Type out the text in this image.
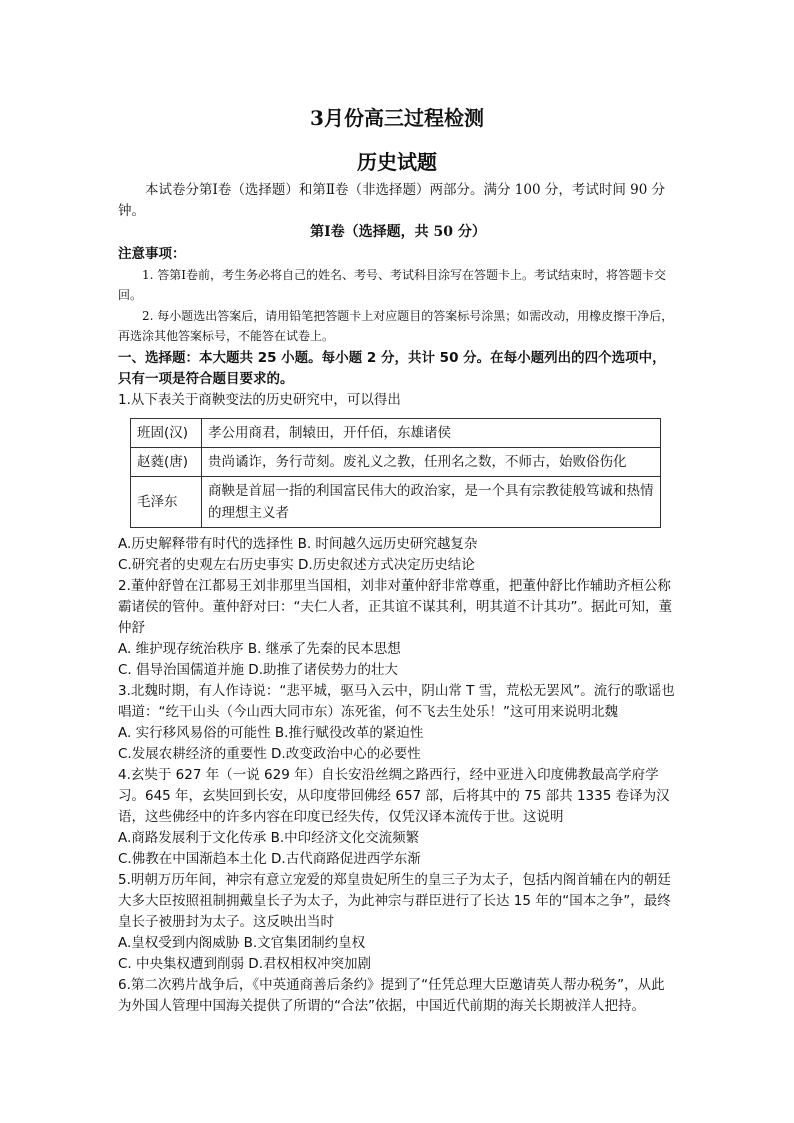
3月份高三过程检测
历史试题

本试卷分第Ⅰ卷（选择题）和第Ⅱ卷（非选择题）两部分。满分 100 分，考试时间 90 分钟。

第Ⅰ卷（选择题，共 50 分）

注意事项：

1. 答第Ⅰ卷前，考生务必将自己的姓名、考号、考试科目涂写在答题卡上。考试结束时，将答题卡交回。

2. 每小题选出答案后，请用铅笔把答题卡上对应题目的答案标号涂黑；如需改动，用橡皮擦干净后，再选涂其他答案标号，不能答在试卷上。

一、选择题：本大题共 25 小题。每小题 2 分，共计 50 分。在每小题列出的四个选项中，只有一项是符合题目要求的。

1.从下表关于商鞅变法的历史研究中，可以得出

班固(汉)	孝公用商君，制辕田，开仟佰，东雄诸侯
赵蕤(唐)	贵尚谲诈，务行苛刻。废礼义之教，任刑名之数，不师古，始败俗伤化
毛泽东	商鞅是首屈一指的利国富民伟大的政治家，是一个具有宗教徒般笃诚和热情的理想主义者

A.历史解释带有时代的选择性 B. 时间越久远历史研究越复杂

C.研究者的史观左右历史事实 D.历史叙述方式决定历史结论

2.董仲舒曾在江都易王刘非那里当国相，刘非对董仲舒非常尊重，把董仲舒比作辅助齐桓公称霸诸侯的管仲。董仲舒对曰：“夫仁人者，正其谊不谋其利，明其道不计其功”。据此可知，董仲舒

A. 维护现存统治秩序 B. 继承了先秦的民本思想

C. 倡导治国儒道并施 D.助推了诸侯势力的壮大

3.北魏时期，有人作诗说：“悲平城，驱马入云中，阴山常 T 雪，荒松无罢风”。流行的歌谣也唱道：“纥干山头（今山西大同市东）冻死雀，何不飞去生处乐！”这可用来说明北魏

A. 实行移风易俗的可能性 B.推行赋役改革的紧迫性

C.发展农耕经济的重要性 D.改变政治中心的必要性

4.玄奘于 627 年（一说 629 年）自长安沿丝绸之路西行，经中亚进入印度佛教最高学府学习。645 年，玄奘回到长安，从印度带回佛经 657 部，后将其中的 75 部共 1335 卷译为汉语，这些佛经中的许多内容在印度已经失传，仅凭汉译本流传于世。这说明

A.商路发展利于文化传承 B.中印经济文化交流频繁

C.佛教在中国渐趋本土化 D.古代商路促进西学东渐

5.明朝万历年间，神宗有意立宠爱的郑皇贵妃所生的皇三子为太子，包括内阁首辅在内的朝廷大多大臣按照祖制拥戴皇长子为太子，为此神宗与群臣进行了长达 15 年的“国本之争”，最终皇长子被册封为太子。这反映出当时

A.皇权受到内阁威胁 B.文官集团制约皇权

C. 中央集权遭到削弱 D.君权相权冲突加剧

6.第二次鸦片战争后，《中英通商善后条约》提到了“任凭总理大臣邀请英人帮办税务”，从此为外国人管理中国海关提供了所谓的“合法”依据，中国近代前期的海关长期被洋人把持。
